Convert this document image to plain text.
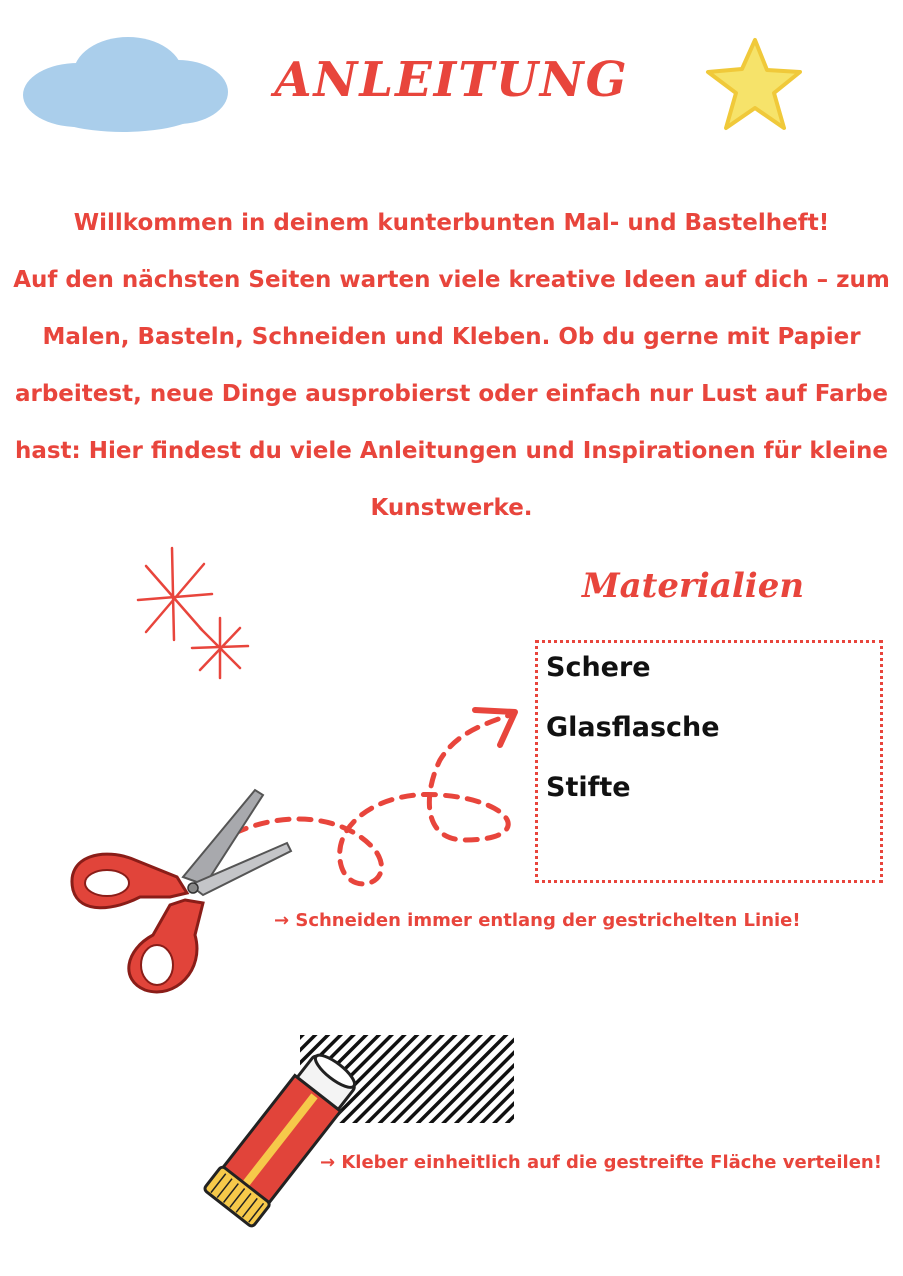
ANLEITUNG

Willkommen in deinem kunterbunten Mal- und Bastelheft!

Auf den nächsten Seiten warten viele kreative Ideen auf dich – zum

Malen, Basteln, Schneiden und Kleben. Ob du gerne mit Papier

arbeitest, neue Dinge ausprobierst oder einfach nur Lust auf Farbe

hast: Hier findest du viele Anleitungen und Inspirationen für kleine

Kunstwerke.

Materialien
Schere
Glasflasche
Stifte
→ Schneiden immer entlang der gestrichelten Linie!
→ Kleber einheitlich auf die gestreifte Fläche verteilen!
